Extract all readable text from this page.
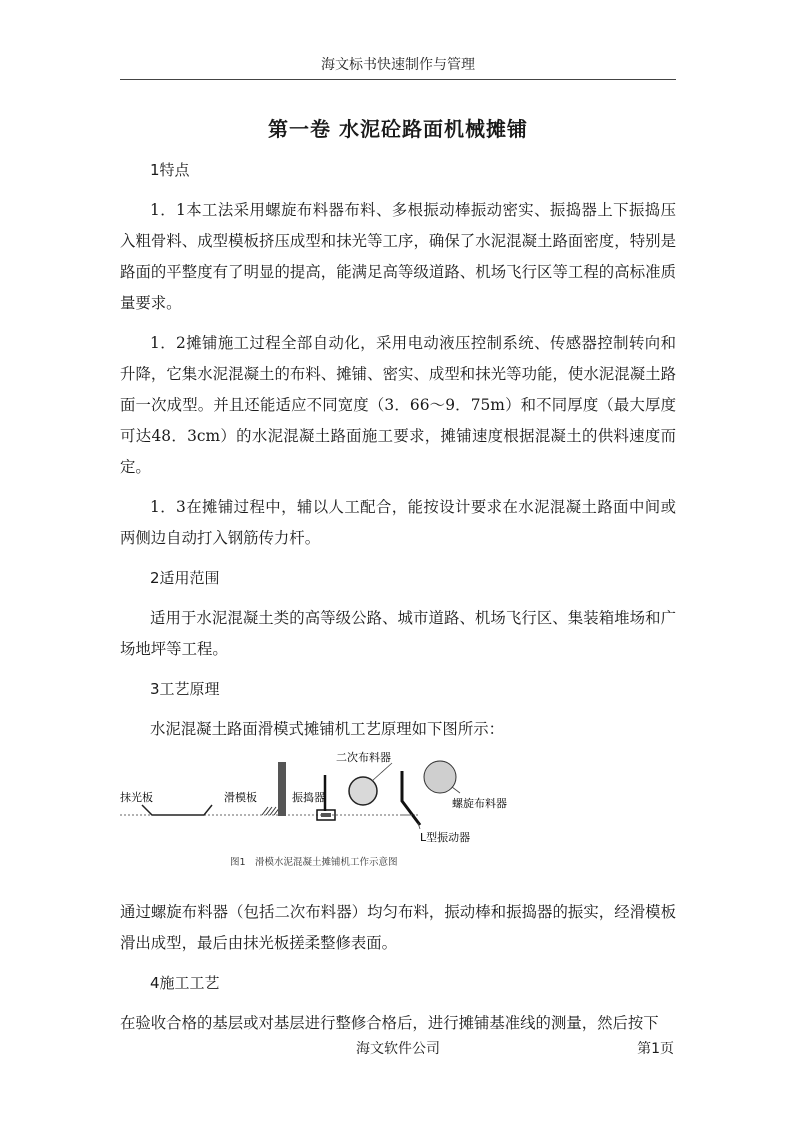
海文标书快速制作与管理
第一卷 水泥砼路面机械摊铺

1特点

1．1本工法采用螺旋布料器布料、多根振动棒振动密实、振捣器上下振捣压入粗骨料、成型模板挤压成型和抹光等工序，确保了水泥混凝土路面密度，特别是路面的平整度有了明显的提高，能满足高等级道路、机场飞行区等工程的高标准质量要求。

1．2摊铺施工过程全部自动化，采用电动液压控制系统、传感器控制转向和升降，它集水泥混凝土的布料、摊铺、密实、成型和抹光等功能，使水泥混凝土路面一次成型。并且还能适应不同宽度（3．66～9．75m）和不同厚度（最大厚度可达48．3cm）的水泥混凝土路面施工要求，摊铺速度根据混凝土的供料速度而定。

1．3在摊铺过程中，辅以人工配合，能按设计要求在水泥混凝土路面中间或两侧边自动打入钢筋传力杆。

2适用范围

适用于水泥混凝土类的高等级公路、城市道路、机场飞行区、集装箱堆场和广场地坪等工程。

3工艺原理

水泥混凝土路面滑模式摊铺机工艺原理如下图所示：

抹光板	滑模板	振捣器
二次布料器
螺旋布料器
L型振动器
图1　滑模水泥混凝土摊铺机工作示意图

通过螺旋布料器（包括二次布料器）均匀布料，振动棒和振捣器的振实，经滑模板滑出成型，最后由抹光板搓柔整修表面。

4施工工艺

在验收合格的基层或对基层进行整修合格后，进行摊铺基准线的测量，然后按下

海文软件公司	第1页
